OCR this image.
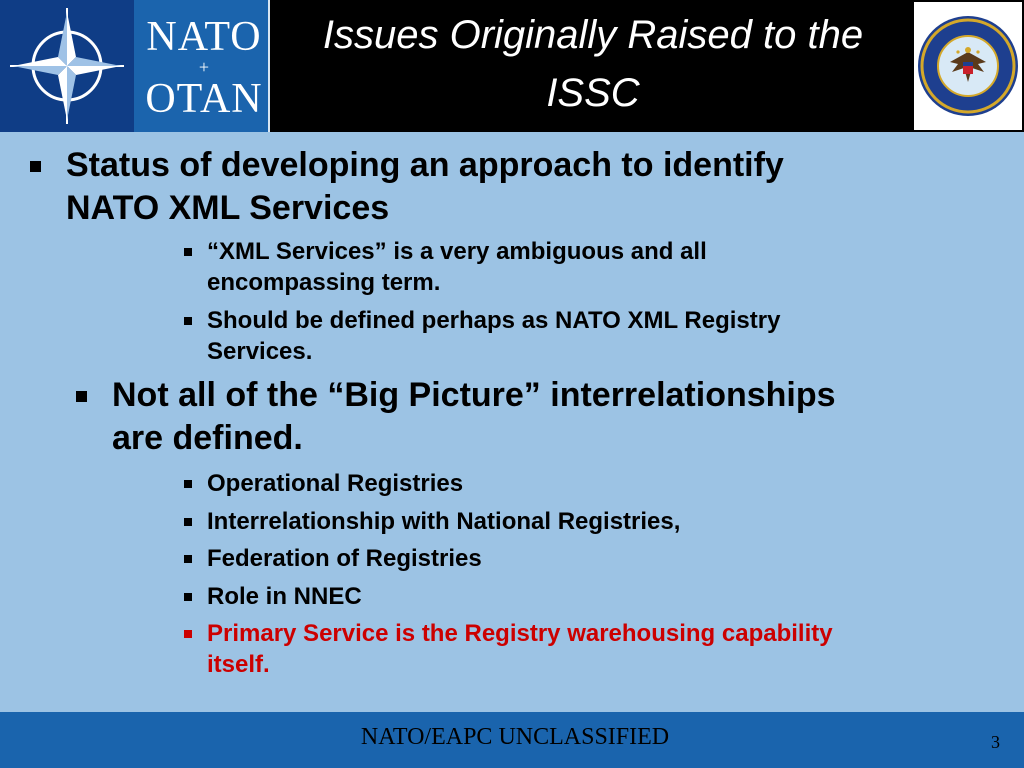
NATO
+
OTAN
Issues Originally Raised to the
ISSC
Status of developing an approach to identify
NATO XML Services
“XML Services” is a very ambiguous and all
encompassing term.
Should be defined perhaps as NATO XML Registry
Services.
Not all of the “Big Picture” interrelationships
are defined.
Operational Registries
Interrelationship with National Registries,
Federation of Registries
Role in NNEC
Primary Service is the Registry warehousing capability
itself.
NATO/EAPC UNCLASSIFIED	3
